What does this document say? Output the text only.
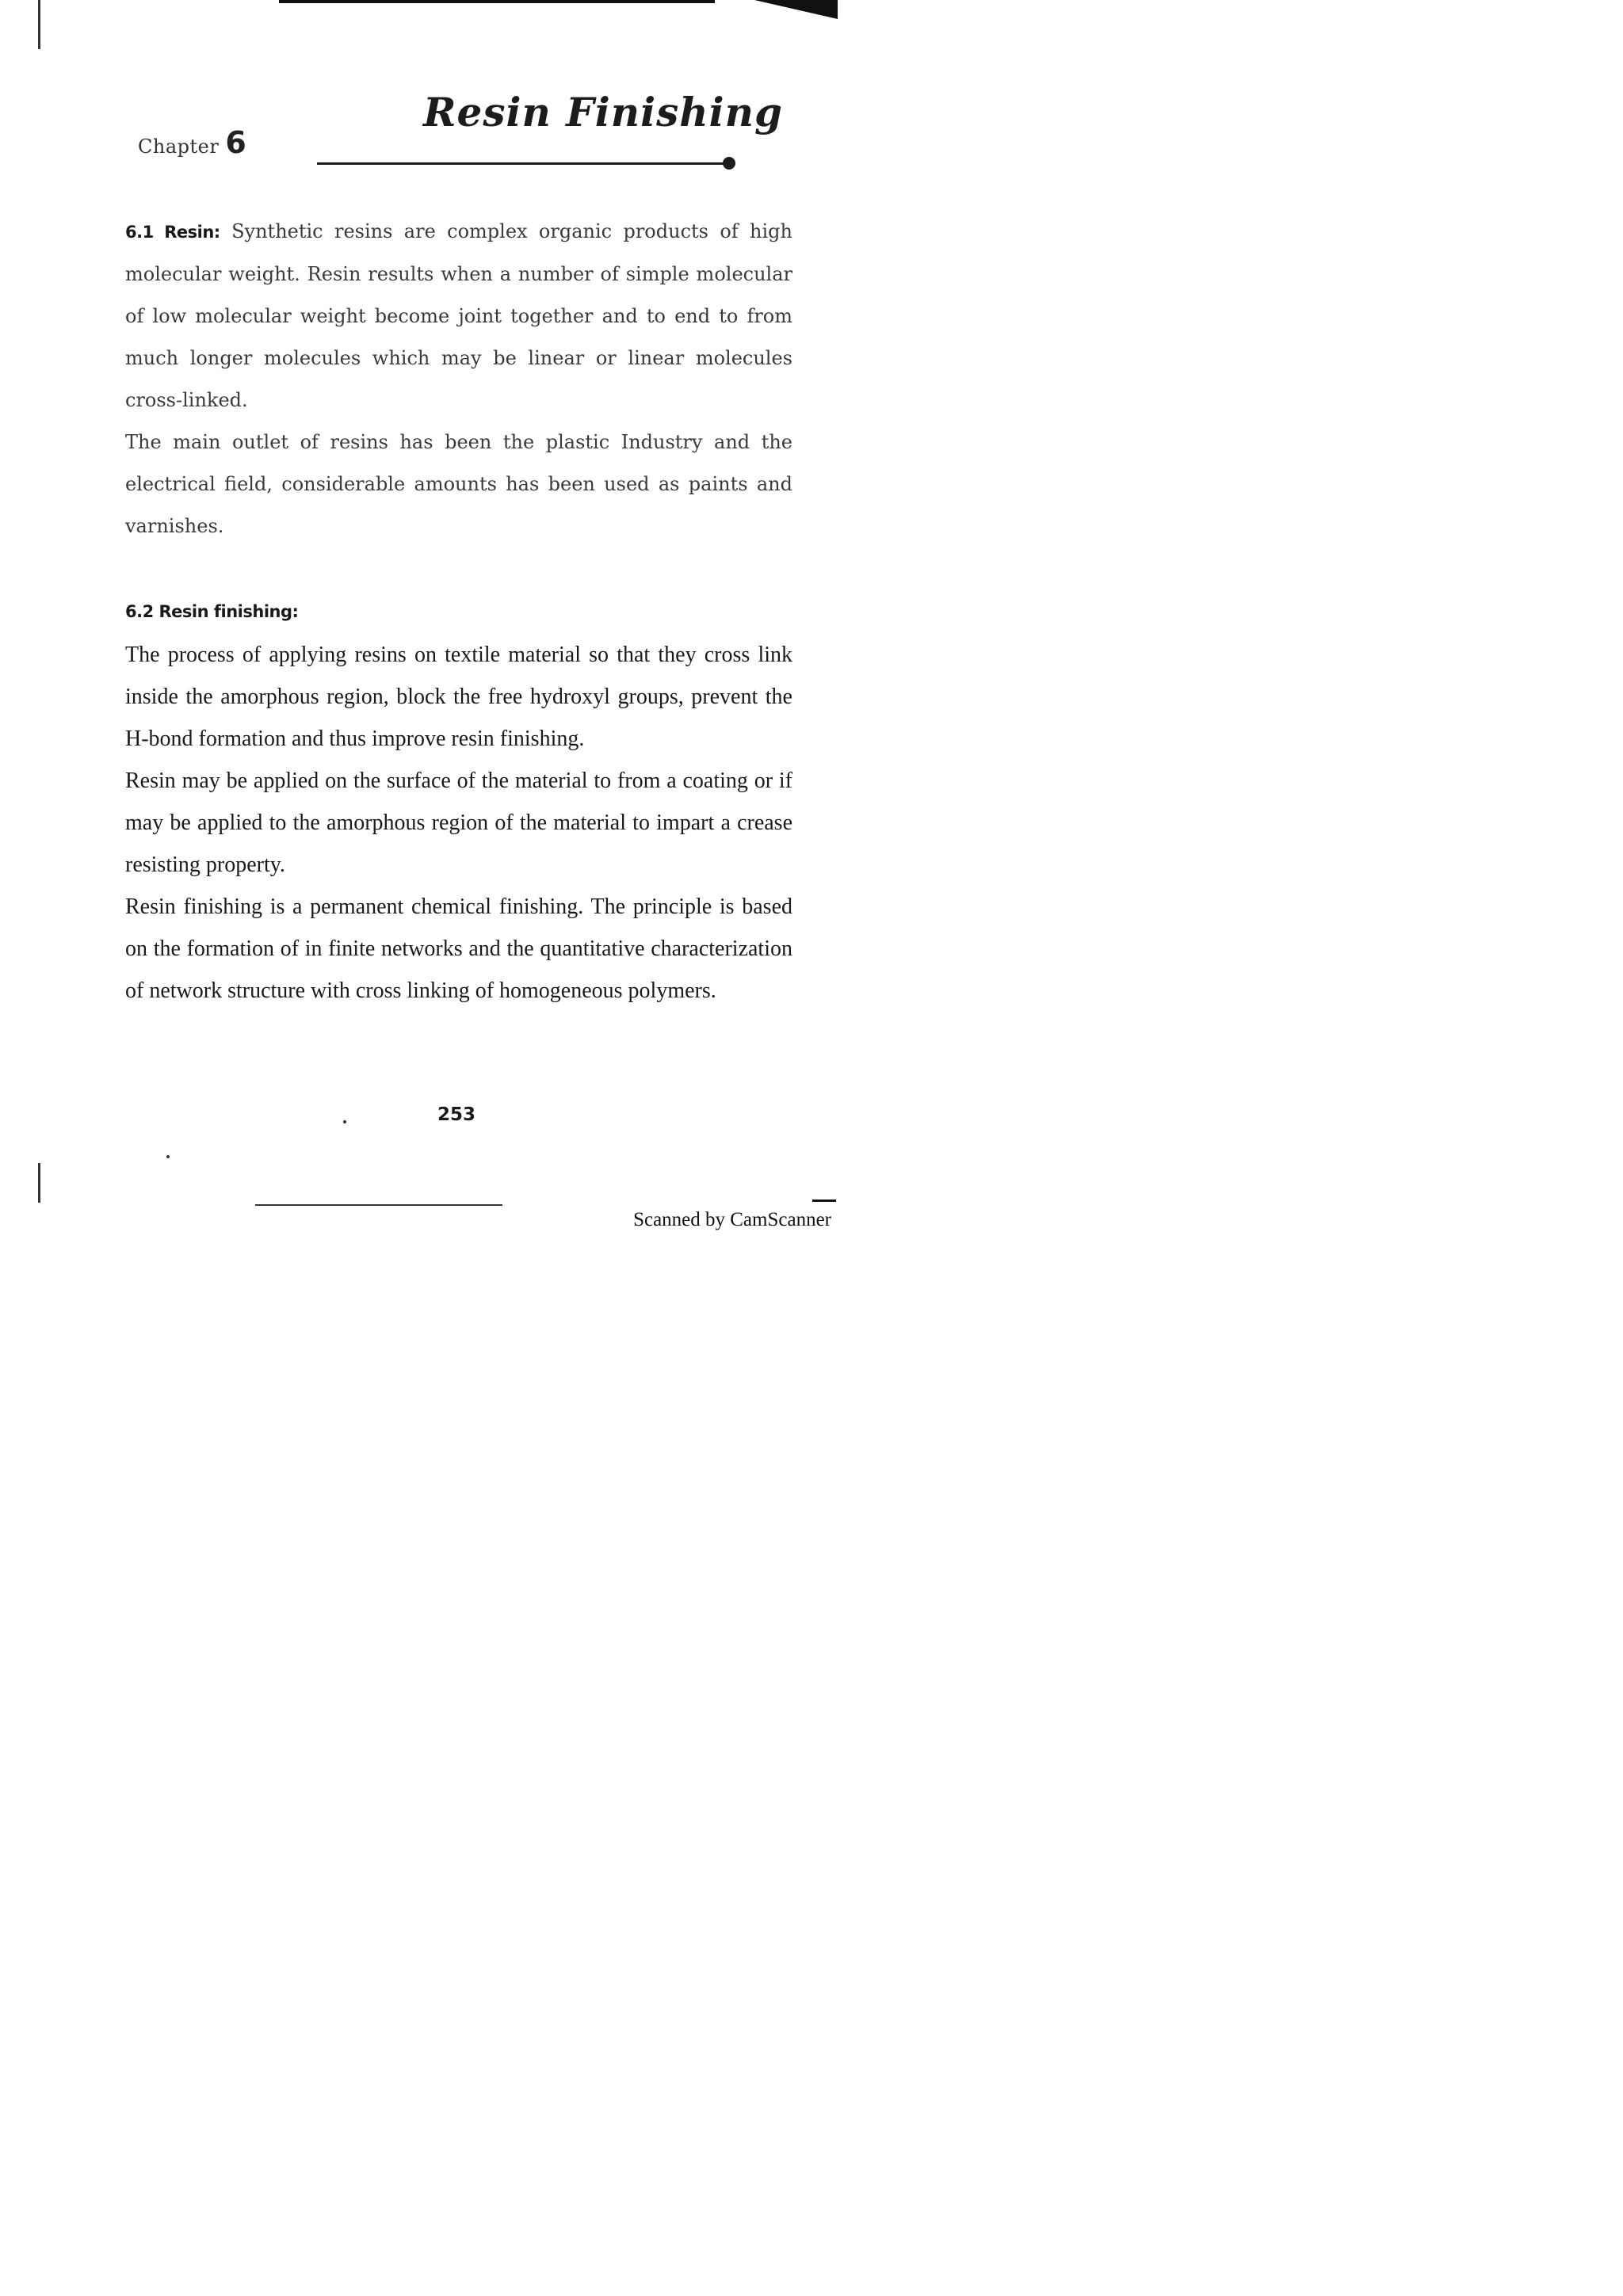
Chapter 6
Resin Finishing

6.1 Resin: Synthetic resins are complex organic products of high molecular weight. Resin results when a number of simple molecular of low molecular weight become joint together and to end to from much longer molecules which may be linear or linear molecules cross-linked.

The main outlet of resins has been the plastic Industry and the electrical field, considerable amounts has been used as paints and varnishes.

6.2 Resin finishing:

The process of applying resins on textile material so that they cross link inside the amorphous region, block the free hydroxyl groups, prevent the H-bond formation and thus improve resin finishing.

Resin may be applied on the surface of the material to from a coating or if may be applied to the amorphous region of the material to impart a crease resisting property.

Resin finishing is a permanent chemical finishing. The principle is based on the formation of in finite networks and the quantitative characterization of network structure with cross linking of homogeneous polymers.

253
Scanned by CamScanner
